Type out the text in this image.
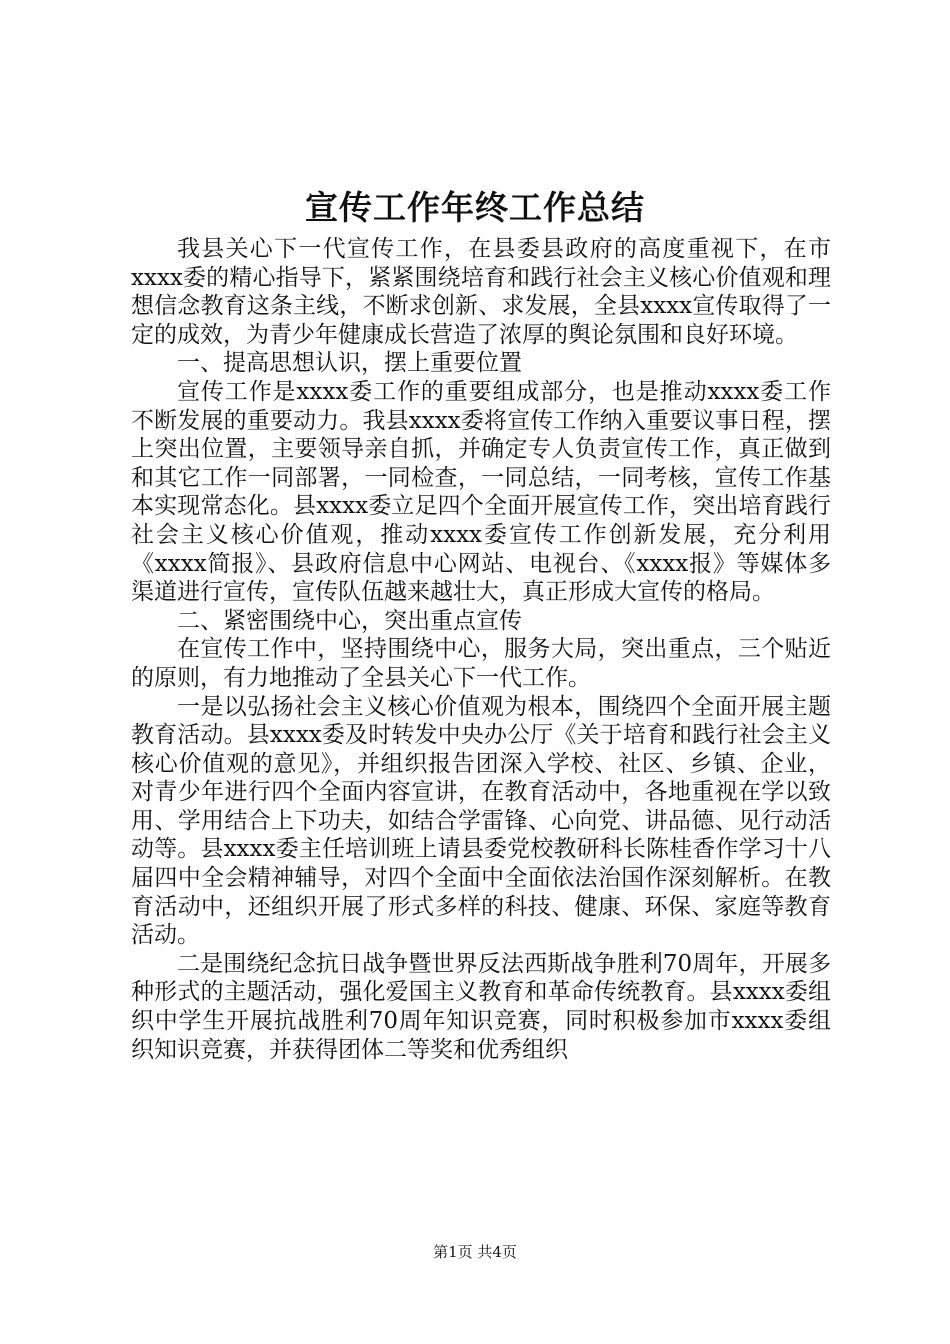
宣传工作年终工作总结

我县关心下一代宣传工作，在县委县政府的高度重视下，在市xxxx委的精心指导下，紧紧围绕培育和践行社会主义核心价值观和理想信念教育这条主线，不断求创新、求发展，全县xxxx宣传取得了一定的成效，为青少年健康成长营造了浓厚的舆论氛围和良好环境。

一、提高思想认识，摆上重要位置

宣传工作是xxxx委工作的重要组成部分，也是推动xxxx委工作不断发展的重要动力。我县xxxx委将宣传工作纳入重要议事日程，摆上突出位置，主要领导亲自抓，并确定专人负责宣传工作，真正做到和其它工作一同部署，一同检查，一同总结，一同考核，宣传工作基本实现常态化。县xxxx委立足四个全面开展宣传工作，突出培育践行社会主义核心价值观，推动xxxx委宣传工作创新发展，充分利用《xxxx简报》、县政府信息中心网站、电视台、《xxxx报》等媒体多渠道进行宣传，宣传队伍越来越壮大，真正形成大宣传的格局。

二、紧密围绕中心，突出重点宣传

在宣传工作中，坚持围绕中心，服务大局，突出重点，三个贴近的原则，有力地推动了全县关心下一代工作。

一是以弘扬社会主义核心价值观为根本，围绕四个全面开展主题教育活动。县xxxx委及时转发中央办公厅《关于培育和践行社会主义核心价值观的意见》，并组织报告团深入学校、社区、乡镇、企业，对青少年进行四个全面内容宣讲，在教育活动中，各地重视在学以致用、学用结合上下功夫，如结合学雷锋、心向党、讲品德、见行动活动等。县xxxx委主任培训班上请县委党校教研科长陈桂香作学习十八届四中全会精神辅导，对四个全面中全面依法治国作深刻解析。在教育活动中，还组织开展了形式多样的科技、健康、环保、家庭等教育活动。

二是围绕纪念抗日战争暨世界反法西斯战争胜利70周年，开展多种形式的主题活动，强化爱国主义教育和革命传统教育。县xxxx委组织中学生开展抗战胜利70周年知识竞赛，同时积极参加市xxxx委组织知识竞赛，并获得团体二等奖和优秀组织

第1页 共4页
